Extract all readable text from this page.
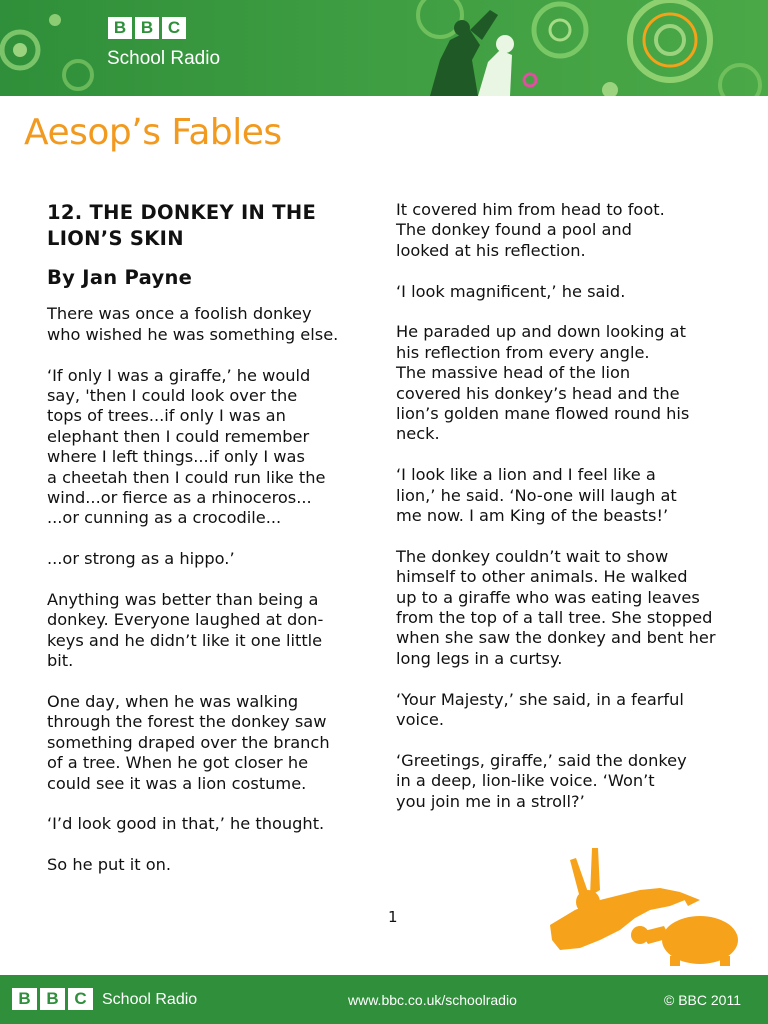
B B C
School Radio
Aesop’s Fables
12. THE DONKEY IN THE
LION’S SKIN
By Jan Payne

There was once a foolish donkey
who wished he was something else.

‘If only I was a giraffe,’ he would
say, 'then I could look over the
tops of trees...if only I was an
elephant then I could remember
where I left things...if only I was
a cheetah then I could run like the
wind...or fierce as a rhinoceros...
...or cunning as a crocodile...

...or strong as a hippo.’

Anything was better than being a
donkey. Everyone laughed at don-
keys and he didn’t like it one little
bit.

One day, when he was walking
through the forest the donkey saw
something draped over the branch
of a tree. When he got closer he
could see it was a lion costume.

‘I’d look good in that,’ he thought.

So he put it on.

It covered him from head to foot.
The donkey found a pool and
looked at his reflection.

‘I look magnificent,’ he said.

He paraded up and down looking at
his reflection from every angle.
The massive head of the lion
covered his donkey’s head and the
lion’s golden mane flowed round his
neck.

‘I look like a lion and I feel like a
lion,’ he said. ‘No-one will laugh at
me now. I am King of the beasts!’

The donkey couldn’t wait to show
himself to other animals. He walked
up to a giraffe who was eating leaves
from the top of a tall tree. She stopped
when she saw the donkey and bent her
long legs in a curtsy.

‘Your Majesty,’ she said, in a fearful
voice.

‘Greetings, giraffe,’ said the donkey
in a deep, lion-like voice. ‘Won’t
you join me in a stroll?’

1
B B C School Radio	www.bbc.co.uk/schoolradio	© BBC 2011
